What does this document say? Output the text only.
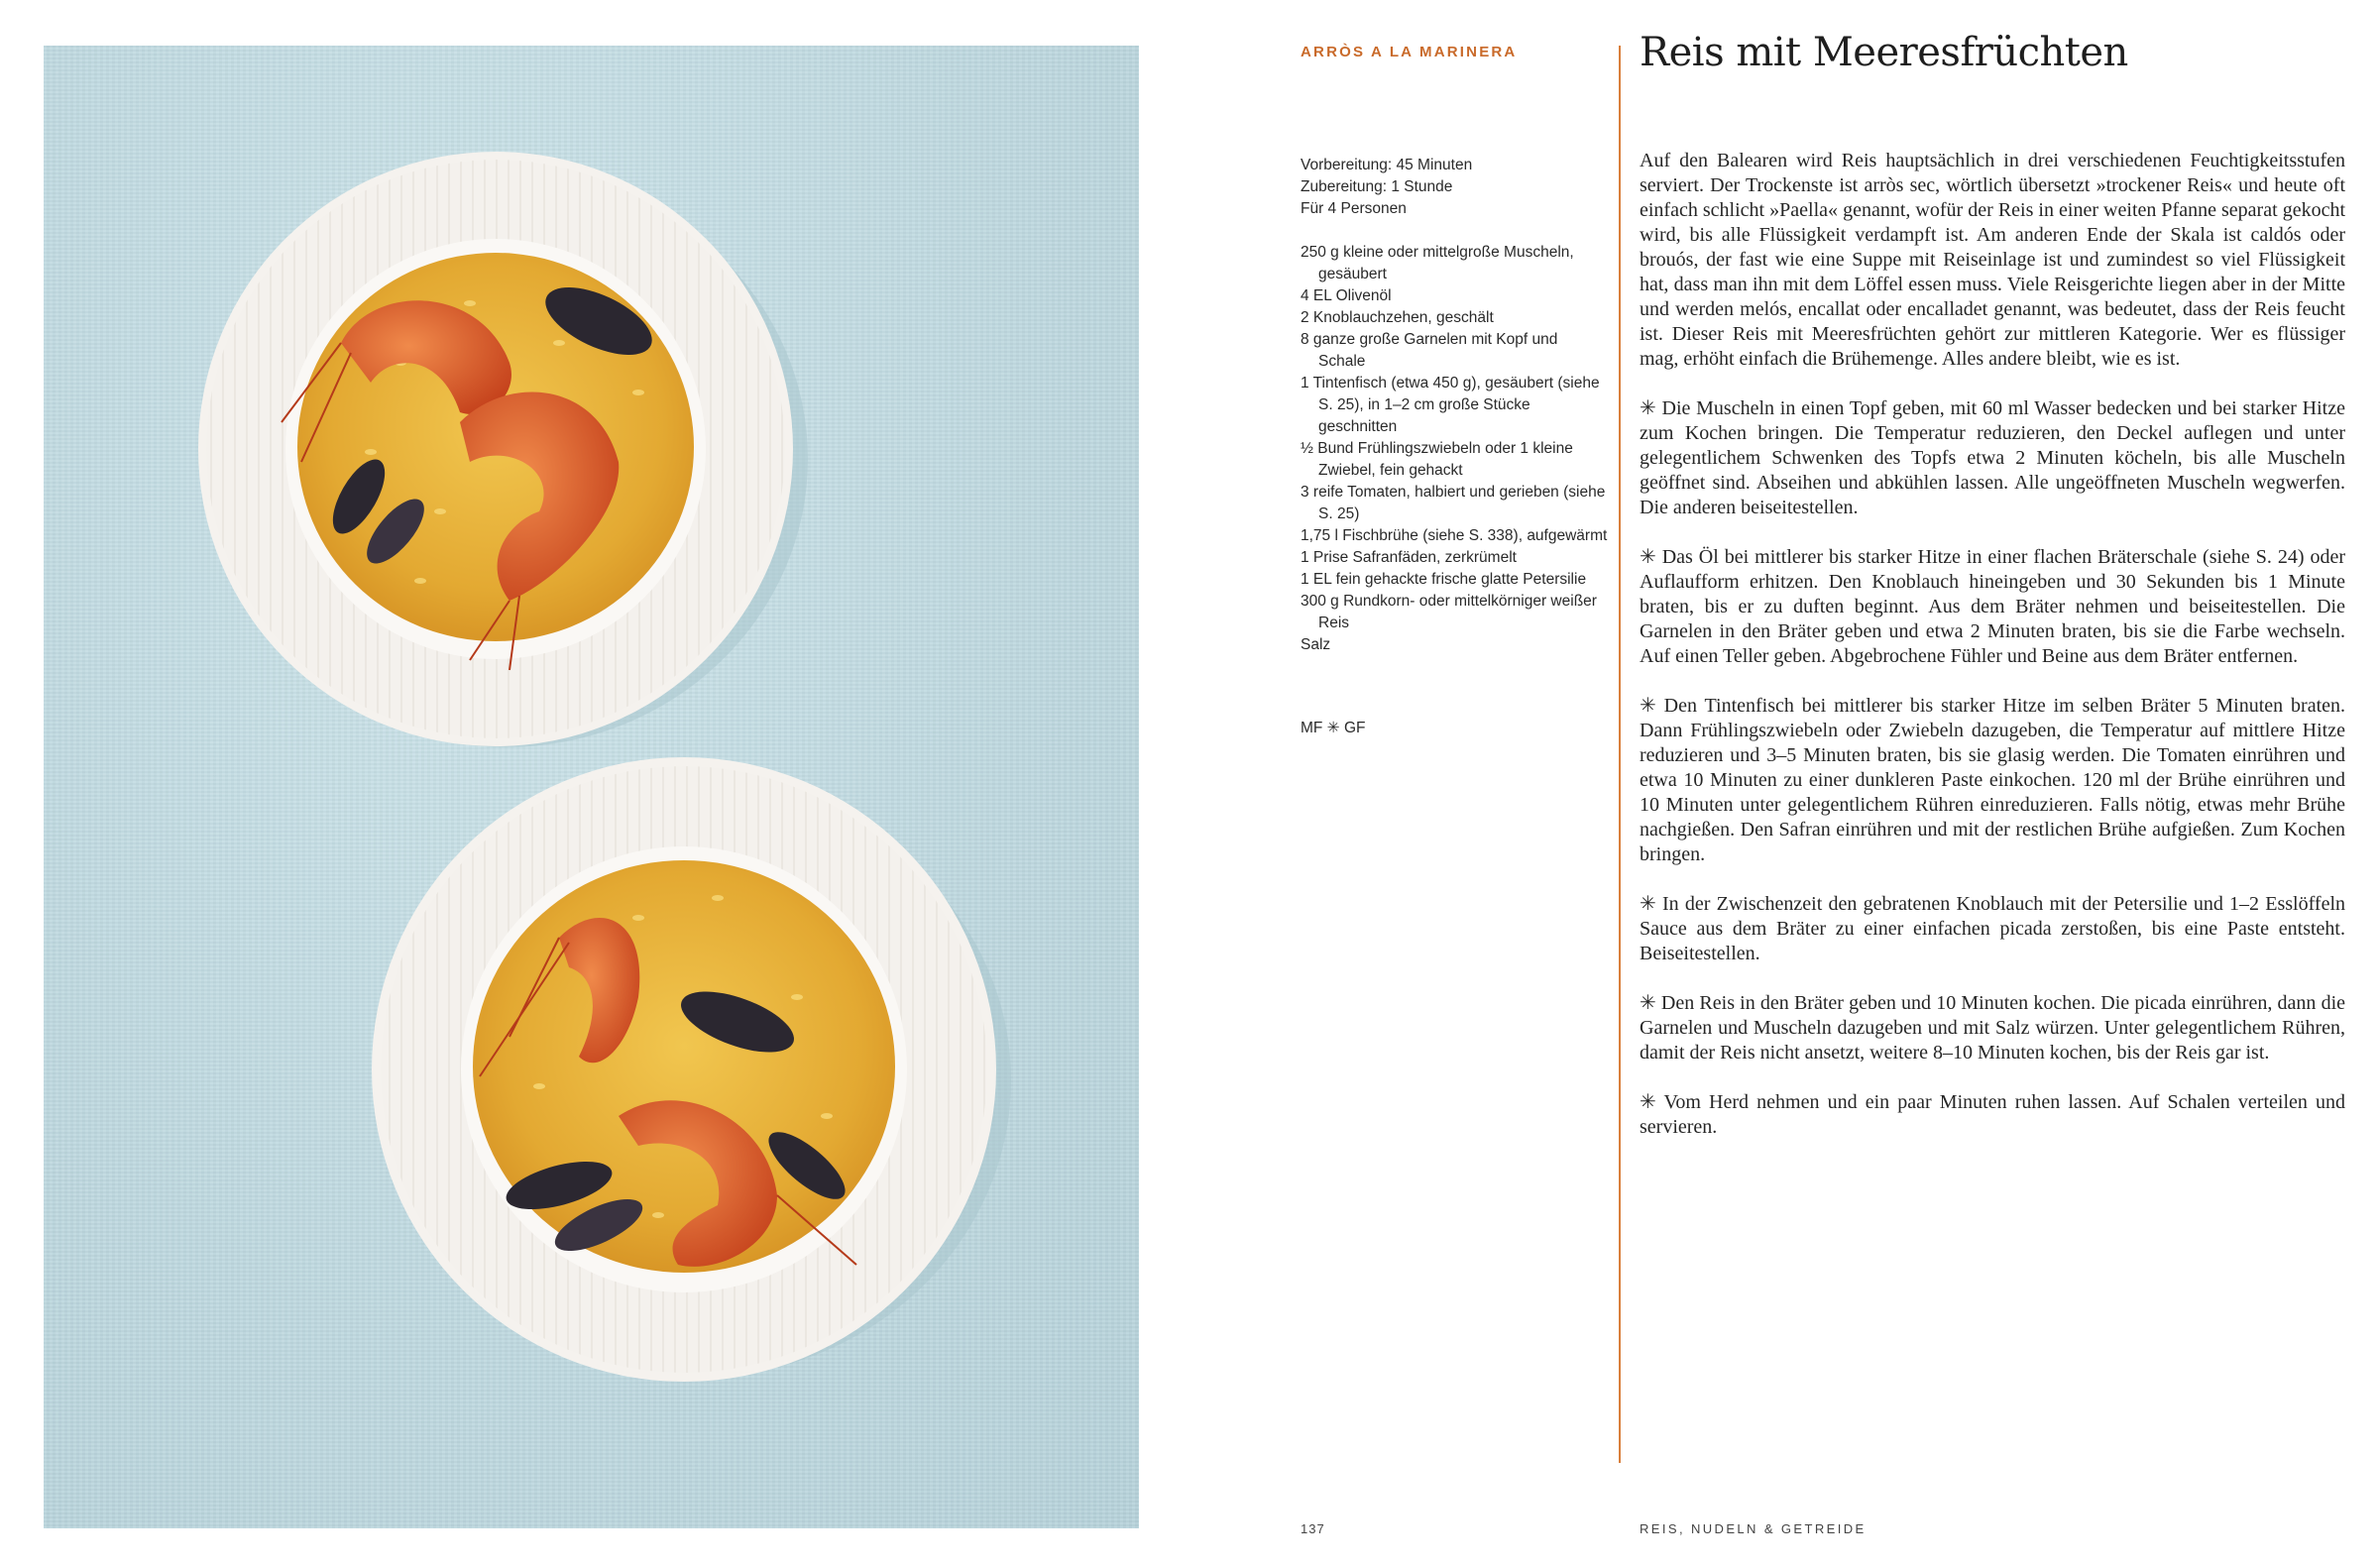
ARRÒS A LA MARINERA	Reis mit Meeresfrüchten
Vorbereitung: 45 Minuten
Zubereitung: 1 Stunde
Für 4 Personen
250 g kleine oder mittelgroße Muscheln, gesäubert
4 EL Olivenöl
2 Knoblauchzehen, geschält
8 ganze große Garnelen mit Kopf und Schale
1 Tintenfisch (etwa 450 g), gesäubert (siehe S. 25), in 1–2 cm große Stücke geschnitten
½ Bund Frühlingszwiebeln oder 1 kleine Zwiebel, fein gehackt
3 reife Tomaten, halbiert und gerieben (siehe S. 25)
1,75 l Fischbrühe (siehe S. 338), aufgewärmt
1 Prise Safranfäden, zerkrümelt
1 EL fein gehackte frische glatte Petersilie
300 g Rundkorn- oder mittelkörniger weißer Reis
Salz
MF ✳ GF

Auf den Balearen wird Reis hauptsächlich in drei verschiedenen Feuchtigkeitsstufen serviert. Der Trockenste ist arròs sec, wörtlich übersetzt »trockener Reis« und heute oft einfach schlicht »Paella« genannt, wofür der Reis in einer weiten Pfanne separat gekocht wird, bis alle Flüssigkeit verdampft ist. Am anderen Ende der Skala ist caldós oder brouós, der fast wie eine Suppe mit Reiseinlage ist und zumindest so viel Flüssigkeit hat, dass man ihn mit dem Löffel essen muss. Viele Reisgerichte liegen aber in der Mitte und werden melós, encallat oder encalladet genannt, was bedeutet, dass der Reis feucht ist. Dieser Reis mit Meeresfrüchten gehört zur mittleren Kategorie. Wer es flüssiger mag, erhöht einfach die Brühemenge. Alles andere bleibt, wie es ist.

✳ Die Muscheln in einen Topf geben, mit 60 ml Wasser bedecken und bei starker Hitze zum Kochen bringen. Die Temperatur reduzieren, den Deckel auflegen und unter gelegentlichem Schwenken des Topfs etwa 2 Minuten köcheln, bis alle Muscheln geöffnet sind. Abseihen und abkühlen lassen. Alle ungeöffneten Muscheln wegwerfen. Die anderen beiseitestellen.

✳ Das Öl bei mittlerer bis starker Hitze in einer flachen Bräterschale (siehe S. 24) oder Auflaufform erhitzen. Den Knoblauch hineingeben und 30 Sekunden bis 1 Minute braten, bis er zu duften beginnt. Aus dem Bräter nehmen und beiseitestellen. Die Garnelen in den Bräter geben und etwa 2 Minuten braten, bis sie die Farbe wechseln. Auf einen Teller geben. Abgebrochene Fühler und Beine aus dem Bräter entfernen.

✳ Den Tintenfisch bei mittlerer bis starker Hitze im selben Bräter 5 Minuten braten. Dann Frühlingszwiebeln oder Zwiebeln dazugeben, die Temperatur auf mittlere Hitze reduzieren und 3–5 Minuten braten, bis sie glasig werden. Die Tomaten einrühren und etwa 10 Minuten zu einer dunkleren Paste einkochen. 120 ml der Brühe einrühren und 10 Minuten unter gelegentlichem Rühren einreduzieren. Falls nötig, etwas mehr Brühe nachgießen. Den Safran einrühren und mit der restlichen Brühe aufgießen. Zum Kochen bringen.

✳ In der Zwischenzeit den gebratenen Knoblauch mit der Petersilie und 1–2 Esslöffeln Sauce aus dem Bräter zu einer einfachen picada zerstoßen, bis eine Paste entsteht. Beiseitestellen.

✳ Den Reis in den Bräter geben und 10 Minuten kochen. Die picada einrühren, dann die Garnelen und Muscheln dazugeben und mit Salz würzen. Unter gelegentlichem Rühren, damit der Reis nicht ansetzt, weitere 8–10 Minuten kochen, bis der Reis gar ist.

✳ Vom Herd nehmen und ein paar Minuten ruhen lassen. Auf Schalen verteilen und servieren.

137	REIS, NUDELN & GETREIDE
